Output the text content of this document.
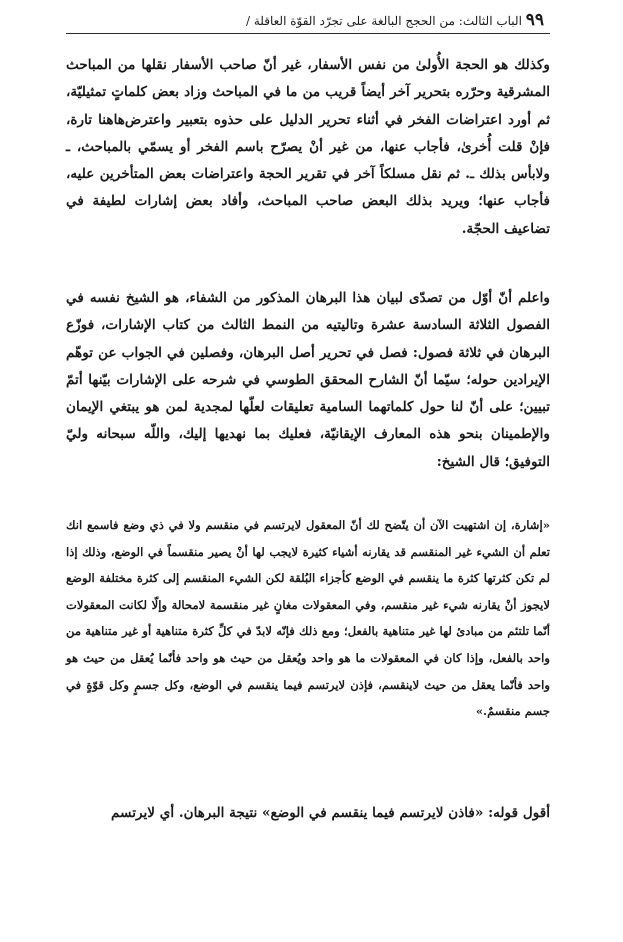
٩٩ الباب الثالث: من الحجج البالغة على تجرّد القوّة العاقلة /

وكذلك هو الحجة الأُولىٰ من نفس الأسفار، غير أنّ صاحب الأسفار نقلها من المباحث المشرقية وحرّره بتحرير آخر أيضاً قريب من ما في المباحث وزاد بعض كلماتٍ تمثيليّة، ثم أورد اعتراضات الفخر في أثناء تحرير الدليل على حذوه بتعبير واعترض‌هاهنا تارة، فإنْ قلت أُخرىٰ، فأجاب عنها، من غير أنْ يصرّح باسم الفخر أو يسمّي بالمباحث، ـ ولابأس بذلك ـ. ثم نقل مسلكاً آخر في تقرير الحجة واعتراضات بعض المتأخرين عليه، فأجاب عنها؛ ويريد بذلك البعض صاحب المباحث، وأفاد بعض إشارات لطيفة في تضاعيف الحجّة.

واعلم أنّ أوّل من تصدّى لبيان هذا البرهان المذكور من الشفاء، هو الشيخ نفسه في الفصول الثلاثة السادسة عشرة وتاليتيه من النمط الثالث من كتاب الإشارات، فوزّع البرهان في ثلاثة فصول: فصل في تحرير أصل البرهان، وفصلين في الجواب عن توهّم الإيرادين حوله؛ سيّما أنّ الشارح المحقق الطوسي في شرحه على الإشارات بيّنها أتمّ تبيين؛ على أنّ لنا حول كلماتهما السامية تعليقات لعلّها لمجدية لمن هو يبتغي الإيمان والإطمينان بنحو هذه المعارف الإيقانيّة، فعليك بما نهديها إليك، واللّه سبحانه وليّ التوفيق؛ قال الشيخ:

«إشارة، إن اشتهيت الآن أن يتّضح لك أنّ المعقول لايرتسم في منقسم ولا في ذي وضع فاسمع انك تعلم أن الشيء غير المنقسم قد يقارنه أشياء كثيرة لايجب لها أنْ يصير منقسماً في الوضع، وذلك إذا لم تكن كثرتها كثرة ما ينقسم في الوضع كأجزاء البُلقة لكن الشيء المنقسم إلى كثرة مختلفة الوضع لايجوز أنْ يقارنه شيء غير منقسم، وفي المعقولات مغانٍ غير منقسمة لامحالة وإلّا لكانت المعقولات أنّما تلتئم من مبادئ لها غير متناهية بالفعل؛ ومع ذلك فإنّه لابدّ في كلِّ كثرة متناهية أو غير متناهية من واحد بالفعل، وإذا كان في المعقولات ما هو واحد ويُعقل من حيث هو واحد فأنّما يُعقل من حيث هو واحد فأنّما يعقل من حيث لاينقسم، فإذن لايرتسم فيما ينقسم في الوضع، وكل جسمٍ وكل قوّةٍ في جسم منقسمٌ.»

أقول قوله: «فاذن لايرتسم فيما ينقسم في الوضع» نتيجة البرهان. أي لايرتسم
